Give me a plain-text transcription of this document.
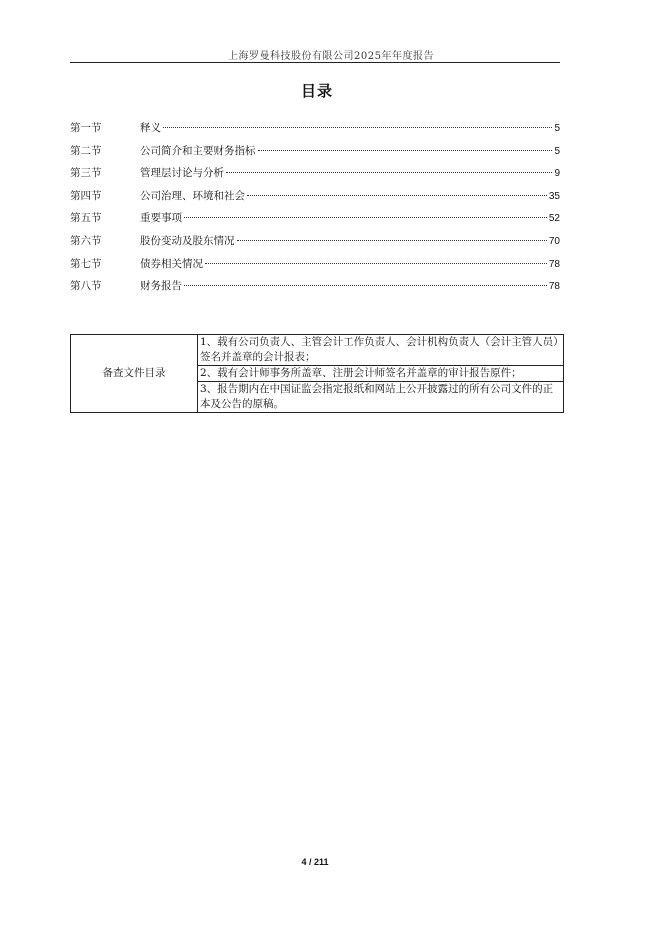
上海罗曼科技股份有限公司2025年年度报告
目录
第一节	释义	5
第二节	公司简介和主要财务指标	5
第三节	管理层讨论与分析	9
第四节	公司治理、环境和社会	35
第五节	重要事项	52
第六节	股份变动及股东情况	70
第七节	债券相关情况	78
第八节	财务报告	78
备查文件目录	1、载有公司负责人、主管会计工作负责人、会计机构负责人（会计主管人员）签名并盖章的会计报表；
2、载有会计师事务所盖章、注册会计师签名并盖章的审计报告原件；
3、报告期内在中国证监会指定报纸和网站上公开披露过的所有公司文件的正本及公告的原稿。
4 / 211
